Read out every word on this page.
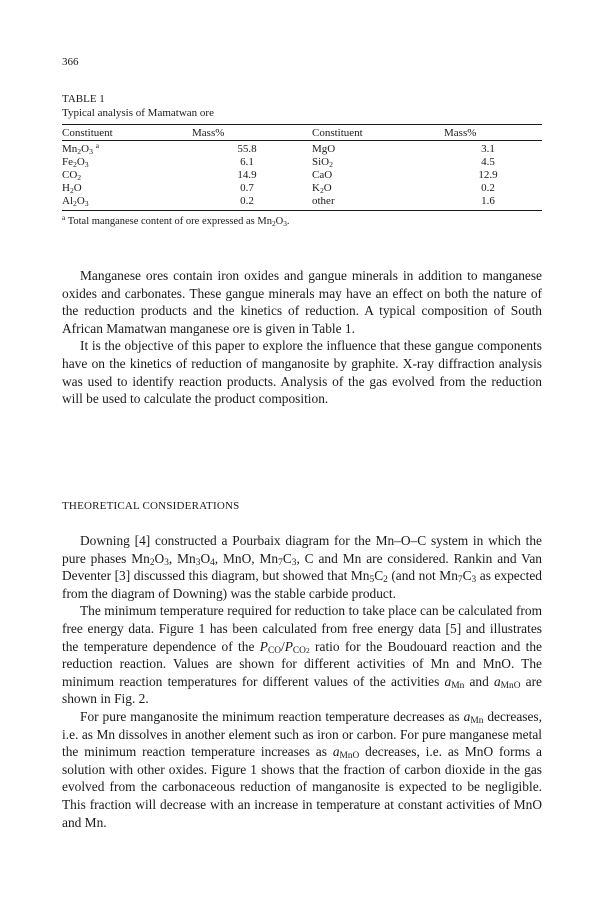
366
TABLE 1
Typical analysis of Mamatwan ore
Constituent	Mass%	Constituent	Mass%
$Mn_2O_3$ $^a$	55.8	MgO	3.1
$Fe_2O_3$	6.1	SiO$_2$	4.5
$CO_2$	14.9	CaO	12.9
$H_2O$	0.7	$K_2O$	0.2
$Al_2O_3$	0.2	other	1.6
$^a$ Total manganese content of ore expressed as $Mn_2O_3$.

Manganese ores contain iron oxides and gangue minerals in addition to manganese oxides and carbonates. These gangue minerals may have an effect on both the nature of the reduction products and the kinetics of reduction. A typical composition of South African Mamatwan manganese ore is given in Table 1.

It is the objective of this paper to explore the influence that these gangue components have on the kinetics of reduction of manganosite by graphite. X-ray diffraction analysis was used to identify reaction products. Analysis of the gas evolved from the reduction will be used to calculate the product composition.

THEORETICAL CONSIDERATIONS

Downing [4] constructed a Pourbaix diagram for the Mn–O–C system in which the pure phases $Mn_2O_3$, $Mn_3O_4$, MnO, $Mn_7C_3$, C and Mn are considered. Rankin and Van Deventer [3] discussed this diagram, but showed that $Mn_5C_2$ (and not $Mn_7C_3$ as expected from the diagram of Downing) was the stable carbide product.

The minimum temperature required for reduction to take place can be calculated from free energy data. Figure 1 has been calculated from free energy data [5] and illustrates the temperature dependence of the $P_{CO}/P_{CO2}$ ratio for the Boudouard reaction and the reduction reaction. Values are shown for different activities of Mn and MnO. The minimum reaction temperatures for different values of the activities $a_{Mn}$ and $a_{MnO}$ are shown in Fig. 2.

For pure manganosite the minimum reaction temperature decreases as $a_{Mn}$ decreases, i.e. as Mn dissolves in another element such as iron or carbon. For pure manganese metal the minimum reaction temperature increases as $a_{MnO}$ decreases, i.e. as MnO forms a solution with other oxides. Figure 1 shows that the fraction of carbon dioxide in the gas evolved from the carbonaceous reduction of manganosite is expected to be negligible. This fraction will decrease with an increase in temperature at constant activities of MnO and Mn.
